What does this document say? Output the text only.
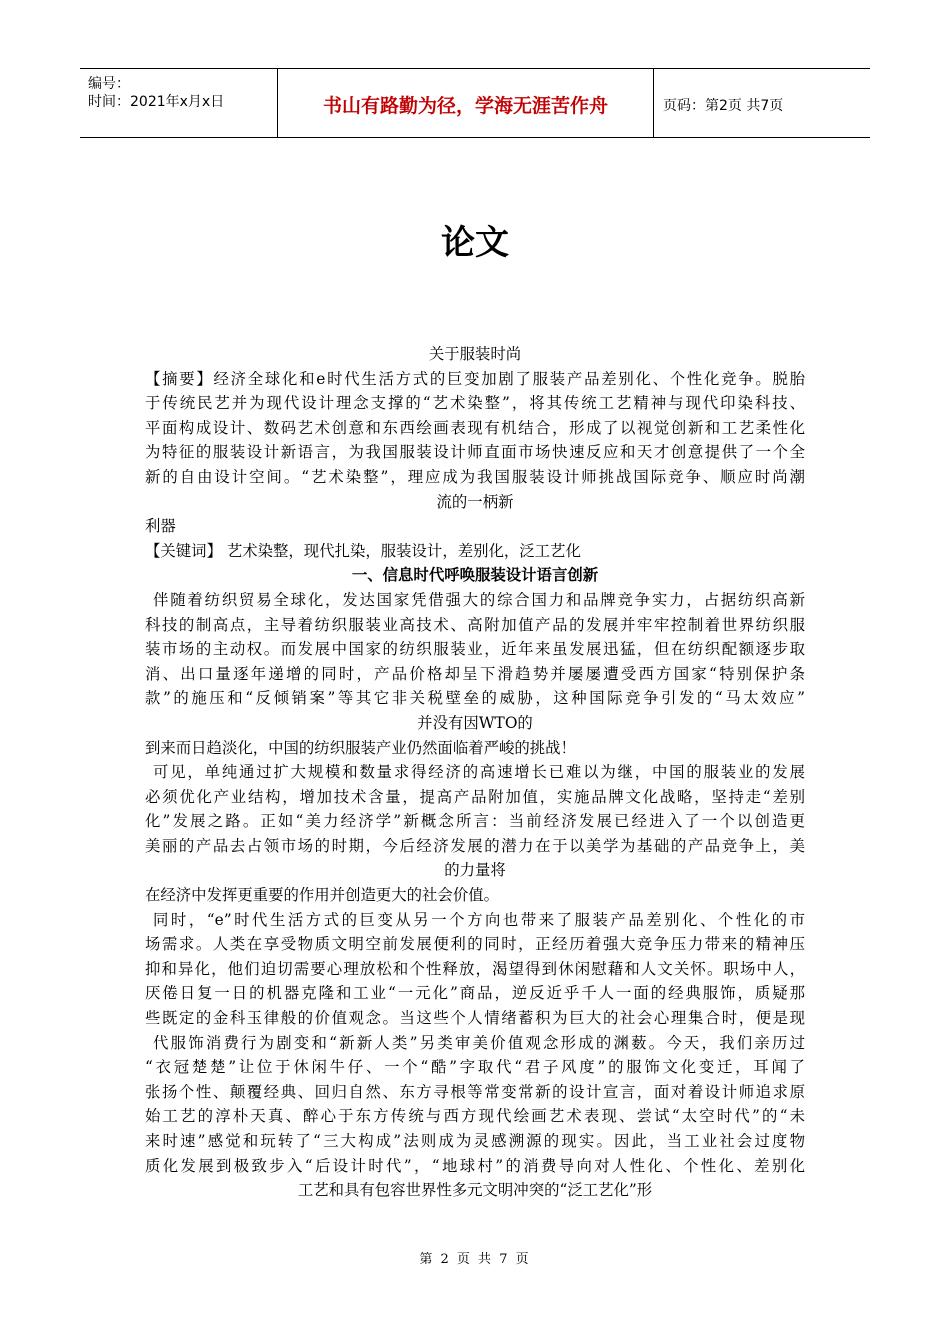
编号：
时间：2021年x月x日	书山有路勤为径，学海无涯苦作舟	页码：第2页 共7页
论文
关于服装时尚
【摘要】经济全球化和e时代生活方式的巨变加剧了服装产品差别化、个性化竞争。脱胎
于传统民艺并为现代设计理念支撑的“艺术染整”，将其传统工艺精神与现代印染科技、
平面构成设计、数码艺术创意和东西绘画表现有机结合，形成了以视觉创新和工艺柔性化
为特征的服装设计新语言，为我国服装设计师直面市场快速反应和天才创意提供了一个全
新的自由设计空间。“艺术染整”，理应成为我国服装设计师挑战国际竞争、顺应时尚潮
流的一柄新
利器
【关键词】 艺术染整，现代扎染，服装设计，差别化，泛工艺化
一、信息时代呼唤服装设计语言创新
伴随着纺织贸易全球化，发达国家凭借强大的综合国力和品牌竞争实力，占据纺织高新
科技的制高点，主导着纺织服装业高技术、高附加值产品的发展并牢牢控制着世界纺织服
装市场的主动权。而发展中国家的纺织服装业，近年来虽发展迅猛，但在纺织配额逐步取
消、出口量逐年递增的同时，产品价格却呈下滑趋势并屡屡遭受西方国家“特别保护条
款”的施压和“反倾销案”等其它非关税壁垒的威胁，这种国际竞争引发的“马太效应”
并没有因WTO的
到来而日趋淡化，中国的纺织服装产业仍然面临着严峻的挑战！
可见，单纯通过扩大规模和数量求得经济的高速增长已难以为继，中国的服装业的发展
必须优化产业结构，增加技术含量，提高产品附加值，实施品牌文化战略，坚持走“差别
化”发展之路。正如“美力经济学”新概念所言：当前经济发展已经进入了一个以创造更
美丽的产品去占领市场的时期，今后经济发展的潜力在于以美学为基础的产品竞争上，美
的力量将
在经济中发挥更重要的作用并创造更大的社会价值。
同时，“e”时代生活方式的巨变从另一个方向也带来了服装产品差别化、个性化的市
场需求。人类在享受物质文明空前发展便利的同时，正经历着强大竞争压力带来的精神压
抑和异化，他们迫切需要心理放松和个性释放，渴望得到休闲慰藉和人文关怀。职场中人，
厌倦日复一日的机器克隆和工业“一元化”商品，逆反近乎千人一面的经典服饰，质疑那
些既定的金科玉律般的价值观念。当这些个人情绪蓄积为巨大的社会心理集合时，便是现
代服饰消费行为剧变和“新新人类”另类审美价值观念形成的渊薮。今天，我们亲历过
“衣冠楚楚”让位于休闲牛仔、一个“酷”字取代“君子风度”的服饰文化变迁，耳闻了
张扬个性、颠覆经典、回归自然、东方寻根等常变常新的设计宣言，面对着设计师追求原
始工艺的淳朴天真、醉心于东方传统与西方现代绘画艺术表现、尝试“太空时代”的“未
来时速”感觉和玩转了“三大构成”法则成为灵感溯源的现实。因此，当工业社会过度物
质化发展到极致步入“后设计时代”，“地球村”的消费导向对人性化、个性化、差别化
工艺和具有包容世界性多元文明冲突的“泛工艺化”形
第 2 页 共 7 页
